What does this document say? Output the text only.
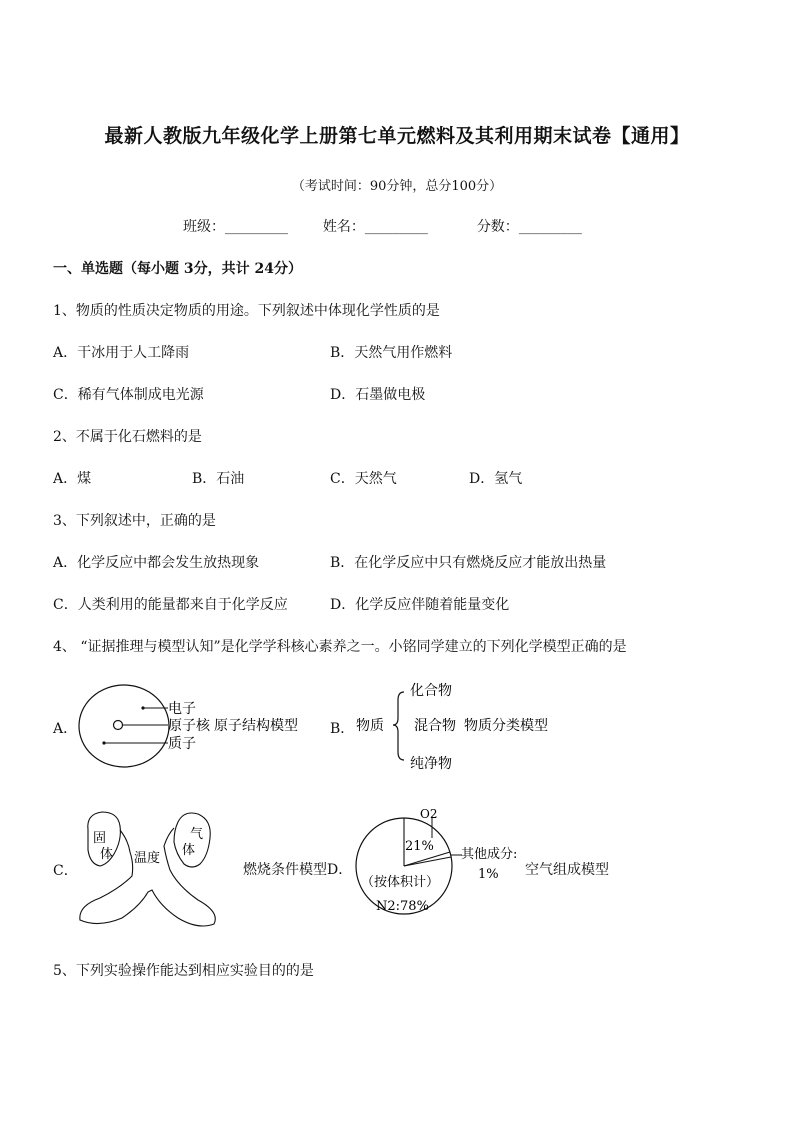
最新人教版九年级化学上册第七单元燃料及其利用期末试卷【通用】
（考试时间：90分钟，总分100分）
班级：_________ 姓名：_________	分数：_________
一、单选题（每小题 3分，共计 24分）
1、物质的性质决定物质的用途。下列叙述中体现化学性质的是
A．干冰用于人工降雨	B．天然气用作燃料
C．稀有气体制成电光源	D．石墨做电极
2、不属于化石燃料的是
A．煤	B．石油	C．天然气	D．氢气
3、下列叙述中，正确的是
A．化学反应中都会发生放热现象	B．在化学反应中只有燃烧反应才能放出热量
C．人类利用的能量都来自于化学反应	D．化学反应伴随着能量变化
4、 “证据推理与模型认知”是化学学科核心素养之一。小铭同学建立的下列化学模型正确的是
A．
电子
原子核
质子
原子结构模型 B． 物质
化合物
混合物 物质分类模型
纯净物
C．
固
体
气
体
温度
燃烧条件模型D．
O2
21%
其他成分:
1%
（按体积计）
N2:78%
空气组成模型
5、下列实验操作能达到相应实验目的的是
